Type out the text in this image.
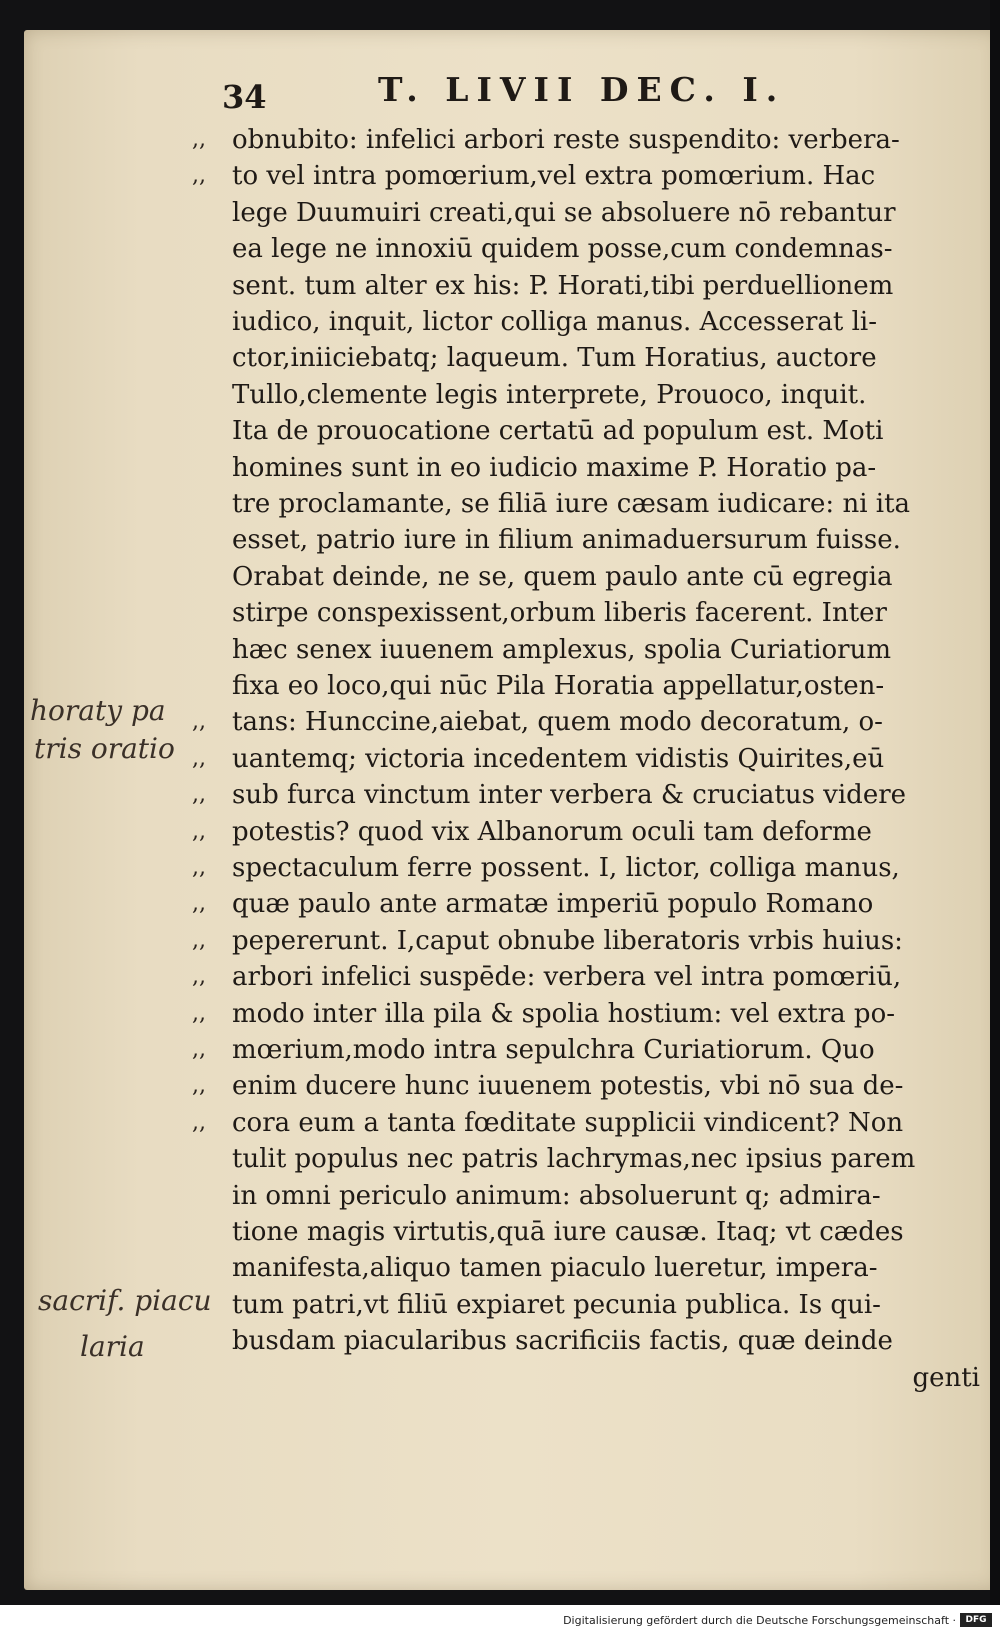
34	T. LIVII DEC. I.
obnubito: infelici arbori reste suspendito: verbera-
,,
to vel intra pomœrium,vel extra pomœrium. Hac
,,
lege Duumuiri creati,qui se absoluere nō rebantur
ea lege ne innoxiū quidem posse,cum condemnas-
sent. tum alter ex his: P. Horati,tibi perduellionem
iudico, inquit, lictor colliga manus. Accesserat li-
ctor,iniiciebatq; laqueum. Tum Horatius, auctore
Tullo,clemente legis interprete, Prouoco, inquit.
Ita de prouocatione certatū ad populum est. Moti
homines sunt in eo iudicio maxime P. Horatio pa-
tre proclamante, se filiā iure cæsam iudicare: ni ita
esset, patrio iure in filium animaduersurum fuisse.
Orabat deinde, ne se, quem paulo ante cū egregia
stirpe conspexissent,orbum liberis facerent. Inter
hæc senex iuuenem amplexus, spolia Curiatiorum
fixa eo loco,qui nūc Pila Horatia appellatur,osten-
tans: Hunccine,aiebat, quem modo decoratum, o-
,,
uantemq; victoria incedentem vidistis Quirites,eū
,,
sub furca vinctum inter verbera & cruciatus videre
,,
potestis? quod vix Albanorum oculi tam deforme
,,
spectaculum ferre possent. I, lictor, colliga manus,
,,
quæ paulo ante armatæ imperiū populo Romano
,,
pepererunt. I,caput obnube liberatoris vrbis huius:
,,
arbori infelici suspēde: verbera vel intra pomœriū,
,,
modo inter illa pila & spolia hostium: vel extra po-
,,
mœrium,modo intra sepulchra Curiatiorum. Quo
,,
enim ducere hunc iuuenem potestis, vbi nō sua de-
,,
cora eum a tanta fœditate supplicii vindicent? Non
,,
tulit populus nec patris lachrymas,nec ipsius parem
in omni periculo animum: absoluerunt q; admira-
tione magis virtutis,quā iure causæ. Itaq; vt cædes
manifesta,aliquo tamen piaculo lueretur, impera-
tum patri,vt filiū expiaret pecunia publica. Is qui-
busdam piacularibus sacrificiis factis, quæ deinde
genti
horaty pa
tris oratio
sacrif. piacu
laria
Digitalisierung gefördert durch die Deutsche Forschungsgemeinschaft ·	DFG
